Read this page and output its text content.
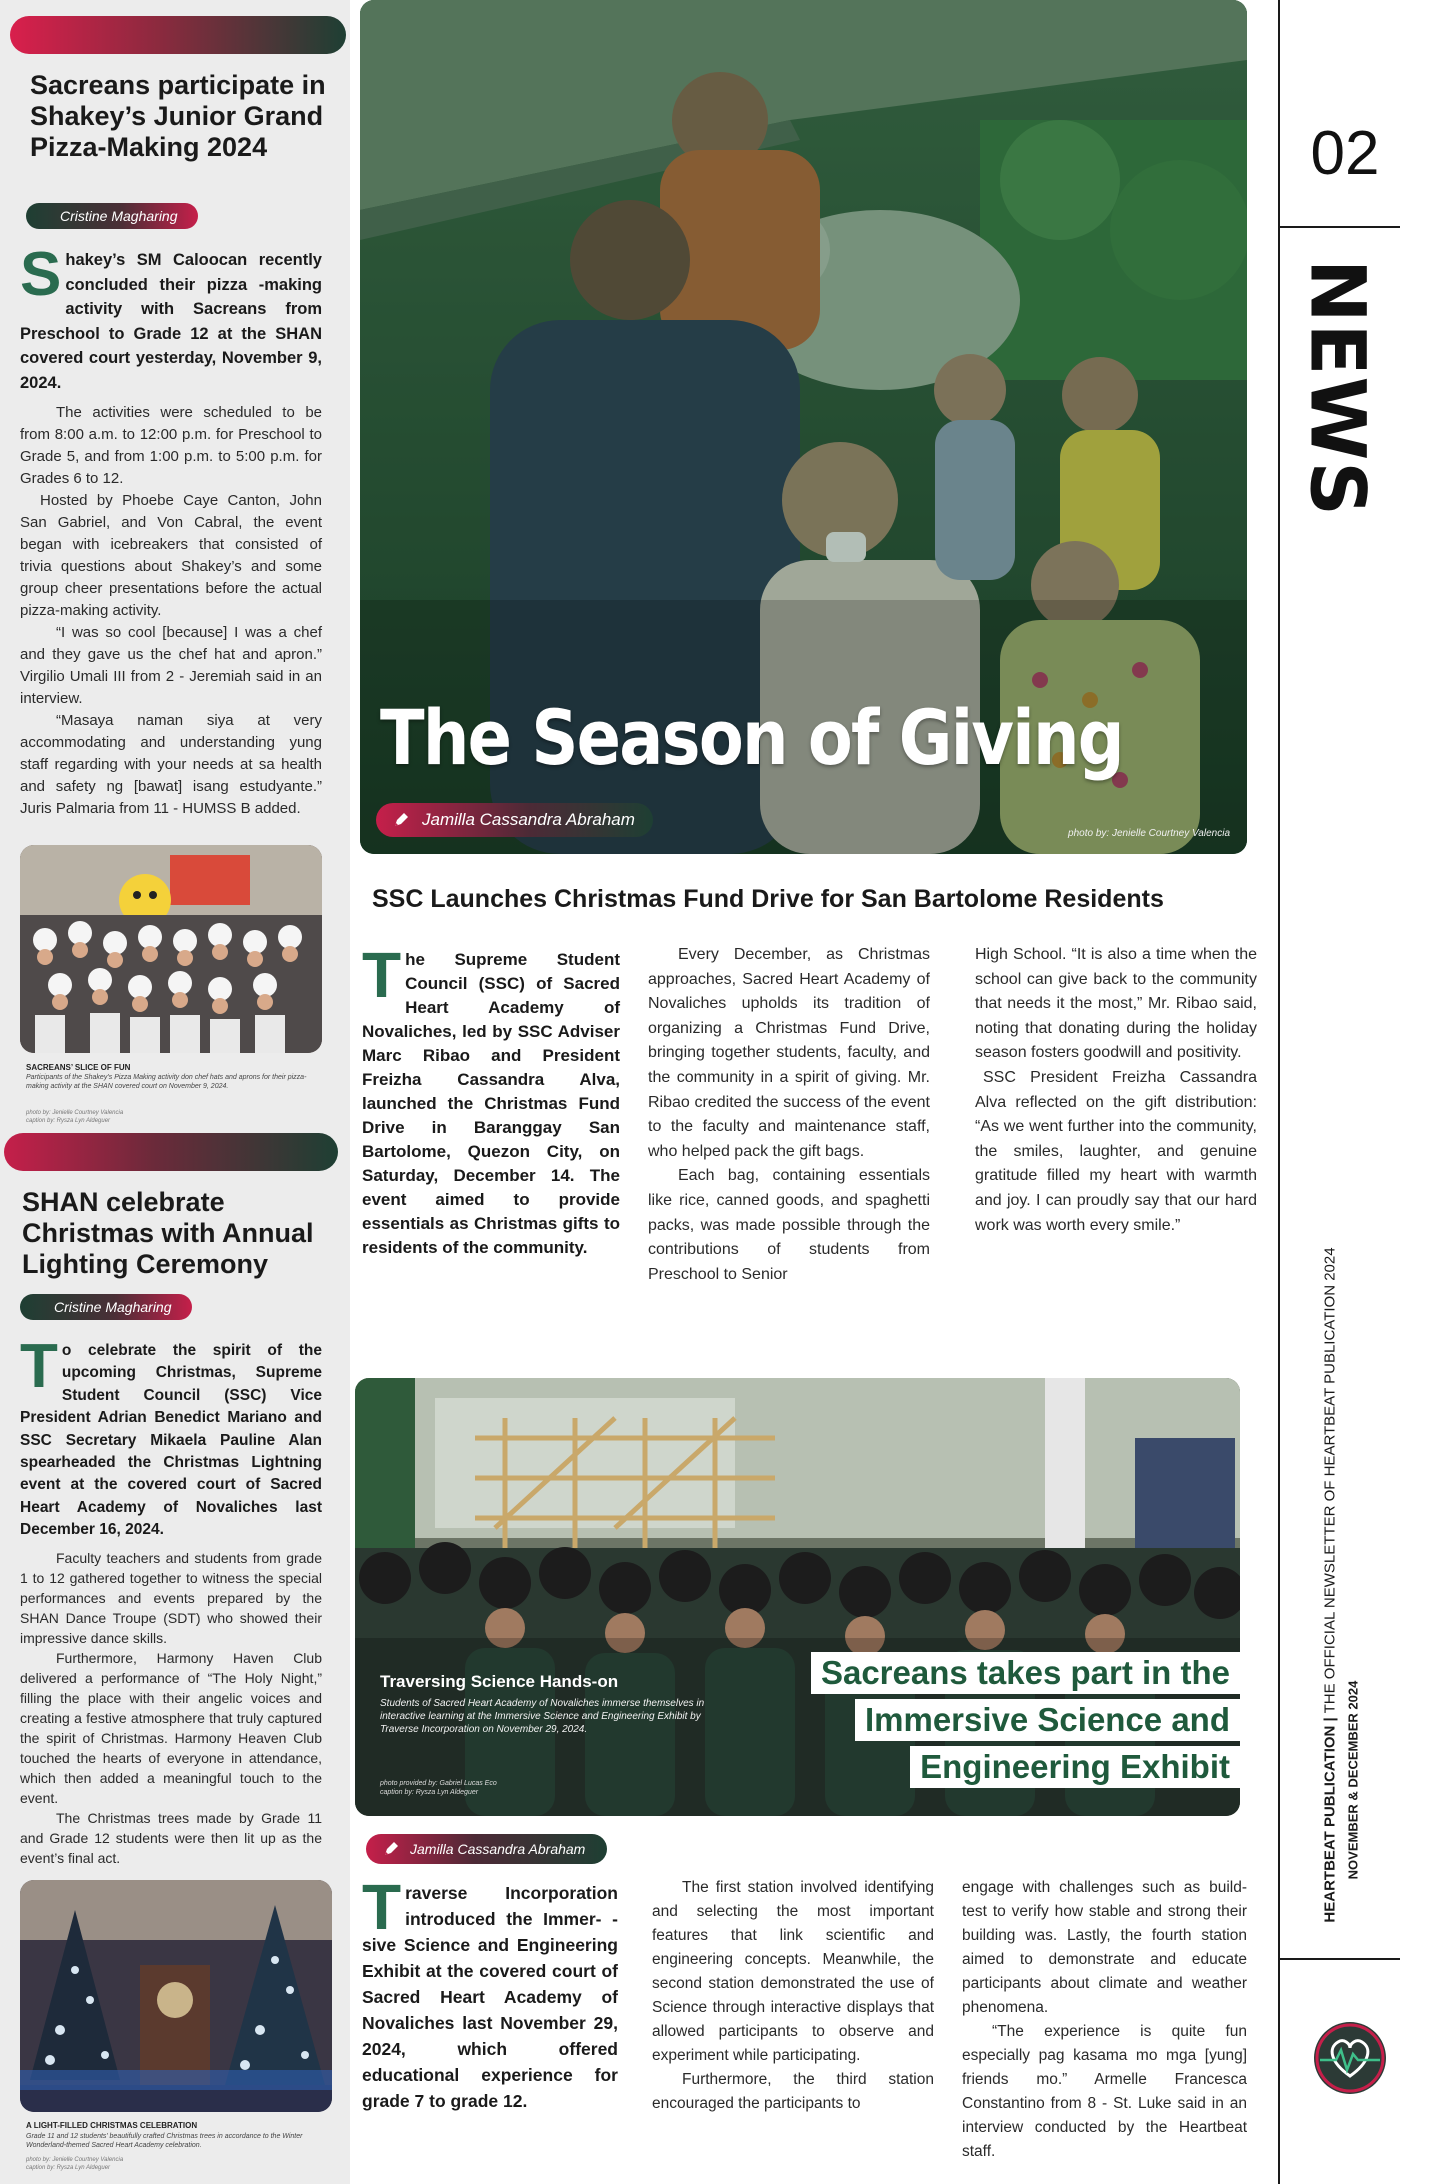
Sacreans participate in Shakey’s Junior Grand Pizza-Making 2024
Cristine Magharing
Shakey’s SM Caloocan recently concluded their pizza -making activity with Sacreans from Preschool to Grade 12 at the SHAN covered court yesterday, November 9, 2024.

The activities were scheduled to be from 8:00 a.m. to 12:00 p.m. for Preschool to Grade 5, and from 1:00 p.m. to 5:00 p.m. for Grades 6 to 12.

Hosted by Phoebe Caye Canton, John San Gabriel, and Von Cabral, the event began with icebreakers that consisted of trivia questions about Shakey’s and some group cheer presentations before the actual pizza-making activity.

“I was so cool [because] I was a chef and they gave us the chef hat and apron.” Virgilio Umali III from 2 - Jeremiah said in an interview.

“Masaya naman siya at very accommodating and understanding yung staff regarding with your needs at sa health and safety ng [bawat] isang estudyante.” Juris Palmaria from 11 - HUMSS B added.

SACREANS’ SLICE OF FUN
Participants of the Shakey’s Pizza Making activity don chef hats and aprons for their pizza-making activity at the SHAN covered court on November 9, 2024.
photo by: Jenielle Courtney Valencia
caption by: Rysza Lyn Aldeguer
SHAN celebrate Christmas with Annual Lighting Ceremony
Cristine Magharing
To celebrate the spirit of the upcoming Christmas, Supreme Student Council (SSC) Vice President Adrian Benedict Mariano and SSC Secretary Mikaela Pauline Alan spearheaded the Christmas Lightning event at the covered court of Sacred Heart Academy of Novaliches last December 16, 2024.

Faculty teachers and students from grade 1 to 12 gathered together to witness the special performances and events prepared by the SHAN Dance Troupe (SDT) who showed their impressive dance skills.

Furthermore, Harmony Haven Club delivered a performance of “The Holy Night,” filling the place with their angelic voices and creating a festive atmosphere that truly captured the spirit of Christmas. Harmony Heaven Club touched the hearts of everyone in attendance, which then added a meaningful touch to the event.

The Christmas trees made by Grade 11 and Grade 12 students were then lit up as the event’s final act.

A LIGHT-FILLED CHRISTMAS CELEBRATION
Grade 11 and 12 students’ beautifully crafted Christmas trees in accordance to the Winter Wonderland-themed Sacred Heart Academy celebration.
photo by: Jenielle Courtney Valencia
caption by: Rysza Lyn Aldeguer
The Season of Giving
Jamilla Cassandra Abraham
photo by: Jenielle Courtney Valencia
SSC Launches Christmas Fund Drive for San Bartolome Residents
The Supreme Student Council (SSC) of Sacred Heart Academy of Novaliches, led by SSC Adviser Marc Ribao and President Freizha Cassandra Alva, launched the Christmas Fund Drive in Baranggay San Bartolome, Quezon City, on Saturday, December 14. The event aimed to provide essentials as Christmas gifts to residents of the community.

Every December, as Christmas approaches, Sacred Heart Academy of Novaliches upholds its tradition of organizing a Christmas Fund Drive, bringing together students, faculty, and the community in a spirit of giving. Mr. Ribao credited the success of the event to the faculty and maintenance staff, who helped pack the gift bags.

Each bag, containing essentials like rice, canned goods, and spaghetti packs, was made possible through the contributions of students from Preschool to Senior

High School. “It is also a time when the school can give back to the community that needs it the most,” Mr. Ribao said, noting that donating during the holiday season fosters goodwill and positivity.

SSC President Freizha Cassandra Alva reflected on the gift distribution: “As we went further into the community, the smiles, laughter, and genuine gratitude filled my heart with warmth and joy. I can proudly say that our hard work was worth every smile.”

Traversing Science Hands-on
Students of Sacred Heart Academy of Novaliches immerse themselves in interactive learning at the Immersive Science and Engineering Exhibit by Traverse Incorporation on November 29, 2024.
photo provided by: Gabriel Lucas Eco
caption by: Rysza Lyn Aldeguer
Sacreans takes part in the
Immersive Science and
Engineering Exhibit
Jamilla Cassandra Abraham
Traverse Incorporation introduced the Immer- -sive Science and Engineering Exhibit at the covered court of Sacred Heart Academy of Novaliches last November 29, 2024, which offered educational experience for grade 7 to grade 12.

The first station involved identifying and selecting the most important features that link scientific and engineering concepts. Meanwhile, the second station demonstrated the use of Science through interactive displays that allowed participants to observe and experiment while participating.

Furthermore, the third station encouraged the participants to

engage with challenges such as build-test to verify how stable and strong their building was. Lastly, the fourth station aimed to demonstrate and educate participants about climate and weather phenomena.

“The experience is quite fun especially pag kasama mo mga [yung] friends mo.” Armelle Francesca Constantino from 8 - St. Luke said in an interview conducted by the Heartbeat staff.

02
NEWS
HEARTBEAT PUBLICATION | THE OFFICIAL NEWSLETTER OF HEARTBEAT PUBLICATION 2024
NOVEMBER & DECEMBER 2024
